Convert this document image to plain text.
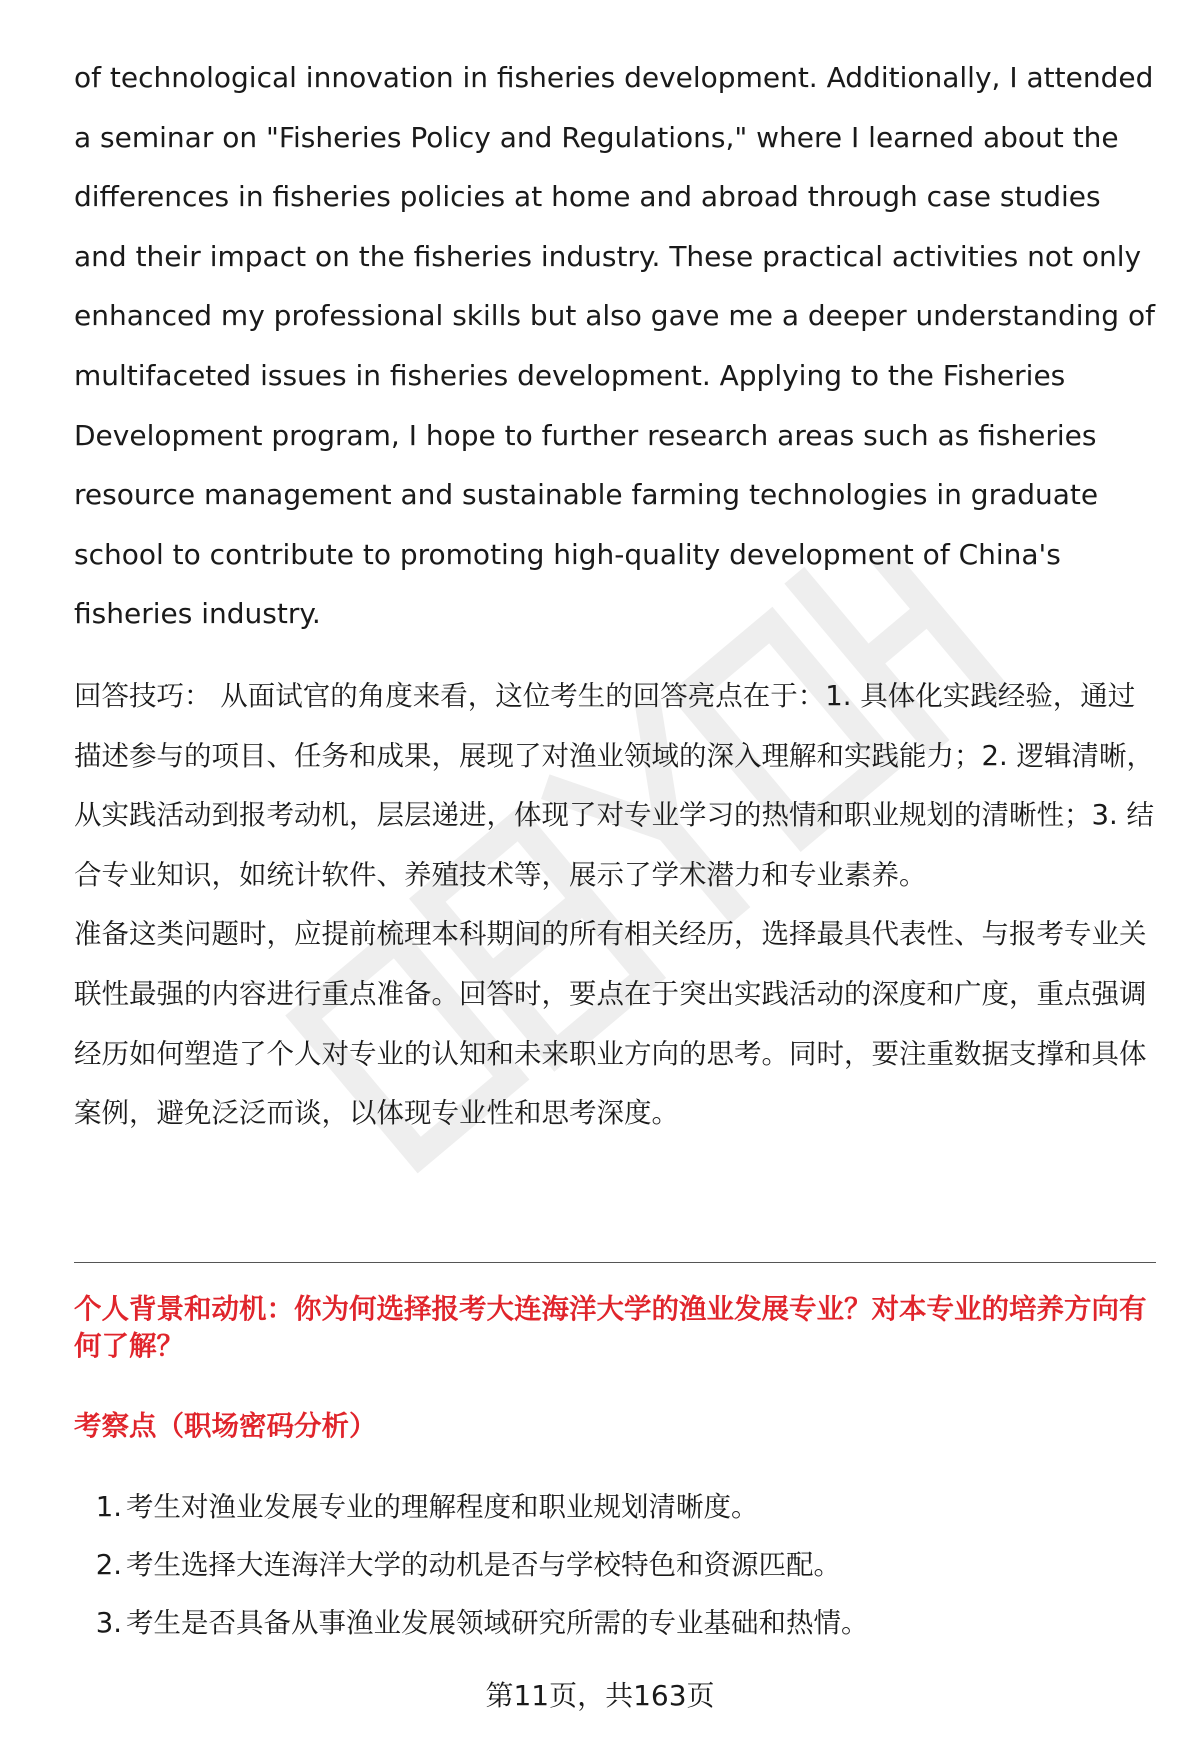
of technological innovation in fisheries development. Additionally, I attended a seminar on "Fisheries Policy and Regulations," where I learned about the differences in fisheries policies at home and abroad through case studies and their impact on the fisheries industry. These practical activities not only enhanced my professional skills but also gave me a deeper understanding of multifaceted issues in fisheries development. Applying to the Fisheries Development program, I hope to further research areas such as fisheries resource management and sustainable farming technologies in graduate school to contribute to promoting high-quality development of China's fisheries industry.

回答技巧： 从面试官的角度来看，这位考生的回答亮点在于：1. 具体化实践经验，通过描述参与的项目、任务和成果，展现了对渔业领域的深入理解和实践能力；2. 逻辑清晰，从实践活动到报考动机，层层递进，体现了对专业学习的热情和职业规划的清晰性；3. 结合专业知识，如统计软件、养殖技术等，展示了学术潜力和专业素养。

准备这类问题时，应提前梳理本科期间的所有相关经历，选择最具代表性、与报考专业关联性最强的内容进行重点准备。回答时，要点在于突出实践活动的深度和广度，重点强调经历如何塑造了个人对专业的认知和未来职业方向的思考。同时，要注重数据支撑和具体案例，避免泛泛而谈，以体现专业性和思考深度。

个人背景和动机：你为何选择报考大连海洋大学的渔业发展专业？对本专业的培养方向有何了解？

考察点（职场密码分析）

1. 考生对渔业发展专业的理解程度和职业规划清晰度。
2. 考生选择大连海洋大学的动机是否与学校特色和资源匹配。
3. 考生是否具备从事渔业发展领域研究所需的专业基础和热情。
第11页，共163页
